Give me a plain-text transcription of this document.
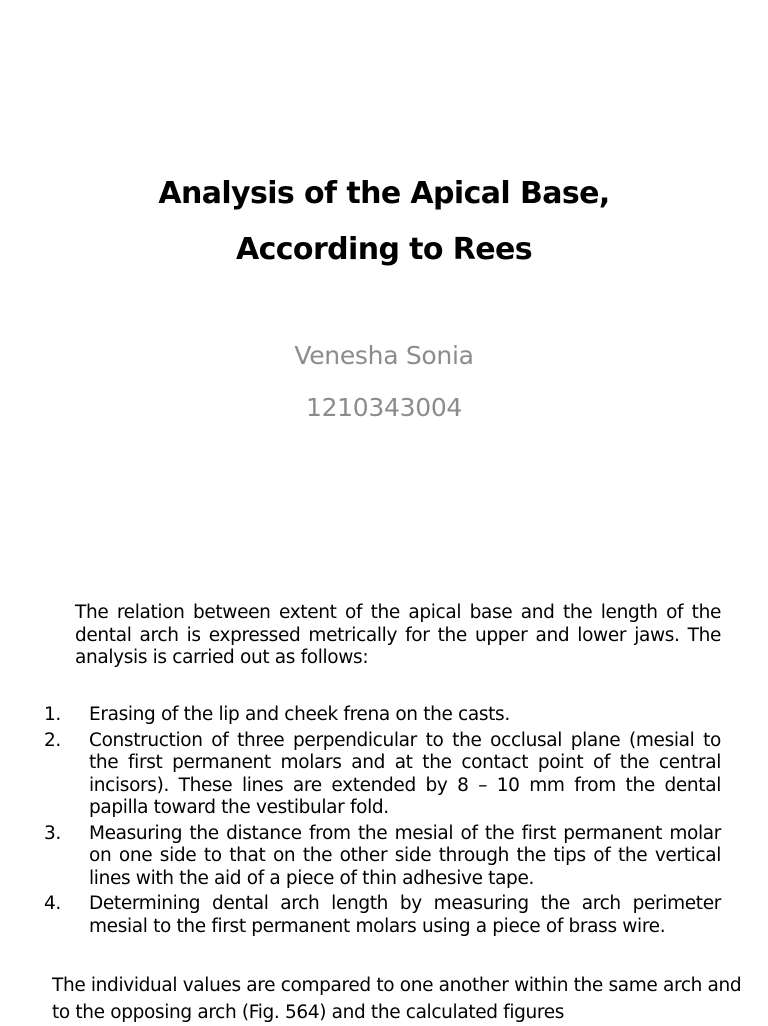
Analysis of the Apical Base,
According to Rees
Venesha Sonia
1210343004
The relation between extent of the apical base and the length of the dental arch is expressed metrically for the upper and lower jaws. The analysis is carried out as follows:
1. Erasing of the lip and cheek frena on the casts.
2. Construction of three perpendicular to the occlusal plane (mesial to the first permanent molars and at the contact point of the central incisors). These lines are extended by 8 – 10 mm from the dental papilla toward the vestibular fold.
3. Measuring the distance from the mesial of the first permanent molar on one side to that on the other side through the tips of the vertical lines with the aid of a piece of thin adhesive tape.
4. Determining dental arch length by measuring the arch perimeter mesial to the first permanent molars using a piece of brass wire.
The individual values are compared to one another within the same arch and to the opposing arch (Fig. 564) and the calculated figures
